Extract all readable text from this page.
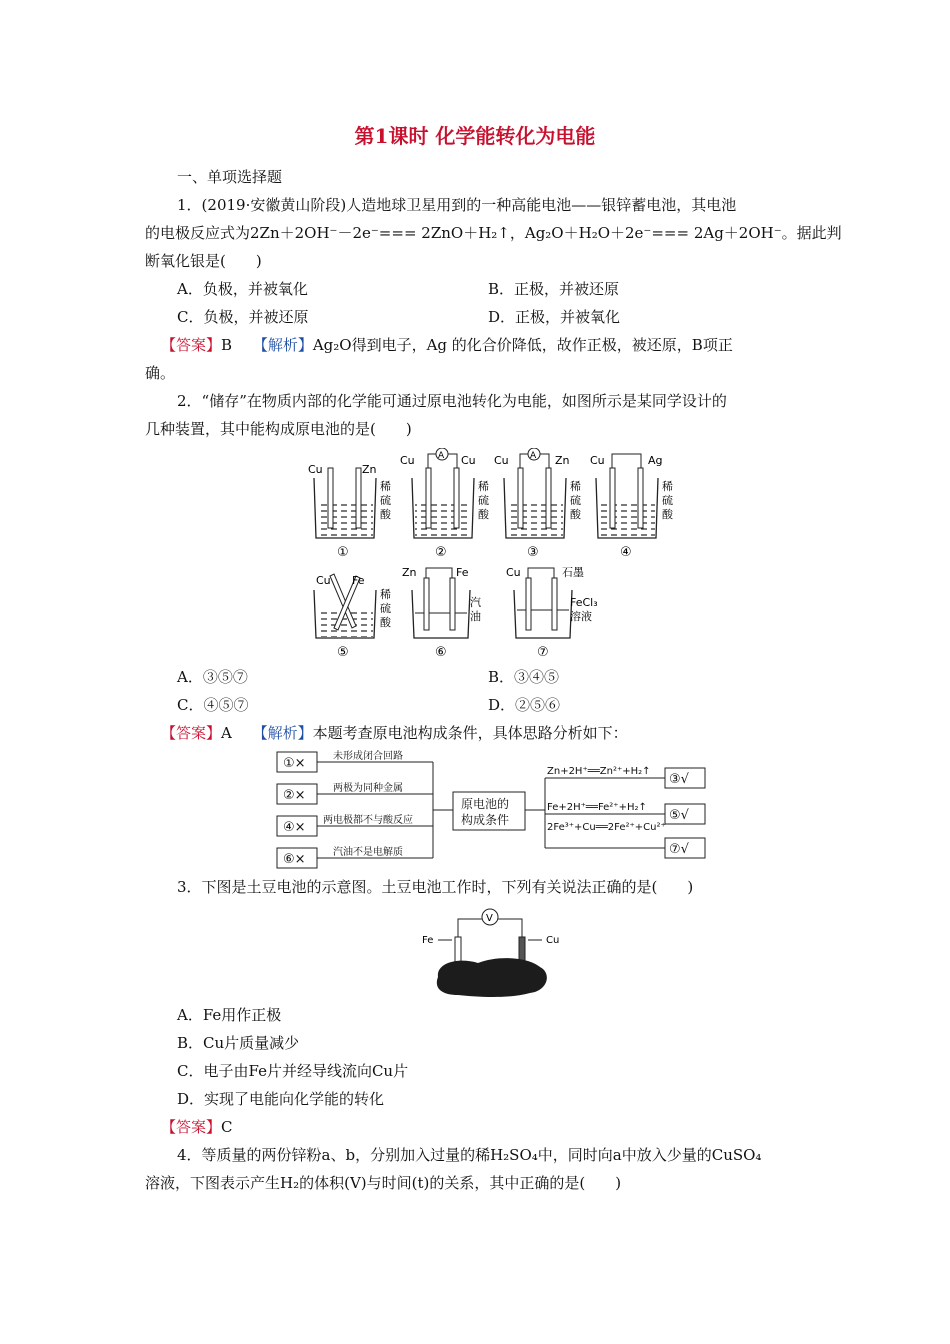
第1课时 化学能转化为电能
一、单项选择题
1．(2019·安徽黄山阶段)人造地球卫星用到的一种高能电池——银锌蓄电池，其电池
的电极反应式为2Zn＋2OH⁻－2e⁻=== 2ZnO＋H₂↑，Ag₂O＋H₂O＋2e⁻=== 2Ag＋2OH⁻。据此判
断氧化银是(　　)
A．负极，并被氧化	B．正极，并被还原
C．负极，并被还原	D．正极，并被氧化
【答案】B 【解析】Ag₂O得到电子，Ag 的化合价降低，故作正极，被还原，B项正
确。
2．“储存”在物质内部的化学能可通过原电池转化为电能，如图所示是某同学设计的
几种装置，其中能构成原电池的是(　　)
Cu	Zn
稀
硫
酸
①
A
Cu	Cu
稀
硫
酸
②
A
Cu	Zn
稀
硫
酸
③
Cu	Ag
稀
硫
酸
④
Cu Fe
稀
硫
酸
⑤
Zn	Fe
汽
油
⑥
Cu	石墨
FeCl₃
溶液
⑦
A．③⑤⑦	B．③④⑤
C．④⑤⑦	D．②⑤⑥
【答案】A 【解析】本题考查原电池构成条件，具体思路分析如下：
①×
②×
④×
⑥×
未形成闭合回路
两极为同种金属
两电极都不与酸反应
汽油不是电解质
原电池的
构成条件
Zn+2H⁺══Zn²⁺+H₂↑
Fe+2H⁺══Fe²⁺+H₂↑
2Fe³⁺+Cu══2Fe²⁺+Cu²⁺
③√
⑤√
⑦√
3．下图是土豆电池的示意图。土豆电池工作时，下列有关说法正确的是(　　)
V
Fe	Cu
A．Fe用作正极
B．Cu片质量减少
C．电子由Fe片并经导线流向Cu片
D．实现了电能向化学能的转化
【答案】C
4．等质量的两份锌粉a、b，分别加入过量的稀H₂SO₄中，同时向a中放入少量的CuSO₄
溶液，下图表示产生H₂的体积(V)与时间(t)的关系，其中正确的是(　　)
